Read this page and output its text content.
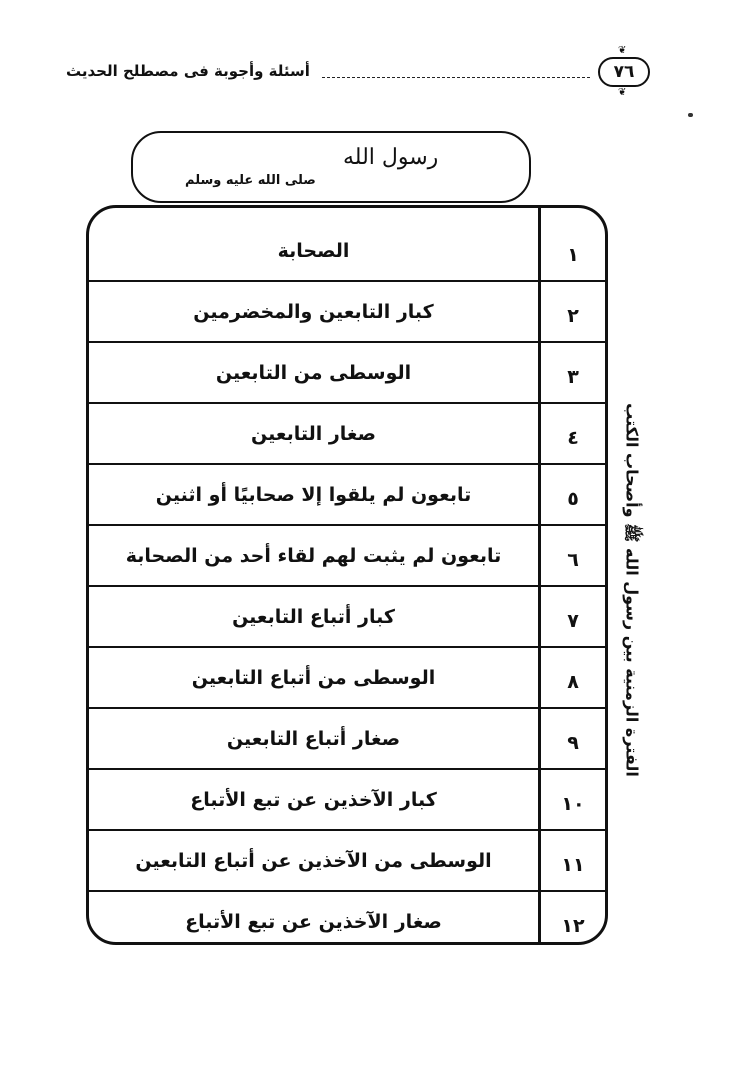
أسئلة وأجوبة فى مصطلح الحديث
❦
٧٦
❦
رسول الله
صلى الله عليه وسلم
الصحابة	١
كبار التابعين والمخضرمين	٢
الوسطى من التابعين	٣
صغار التابعين	٤
تابعون لم يلقوا إلا صحابيًا أو اثنين	٥
تابعون لم يثبت لهم لقاء أحد من الصحابة	٦
كبار أتباع التابعين	٧
الوسطى من أتباع التابعين	٨
صغار أتباع التابعين	٩
كبار الآخذين عن تبع الأتباع	١٠
الوسطى من الآخذين عن أتباع التابعين	١١
صغار الآخذين عن تبع الأتباع	١٢
الفترة الزمنية بين رسول الله ﷺ وأصحاب الكتب
